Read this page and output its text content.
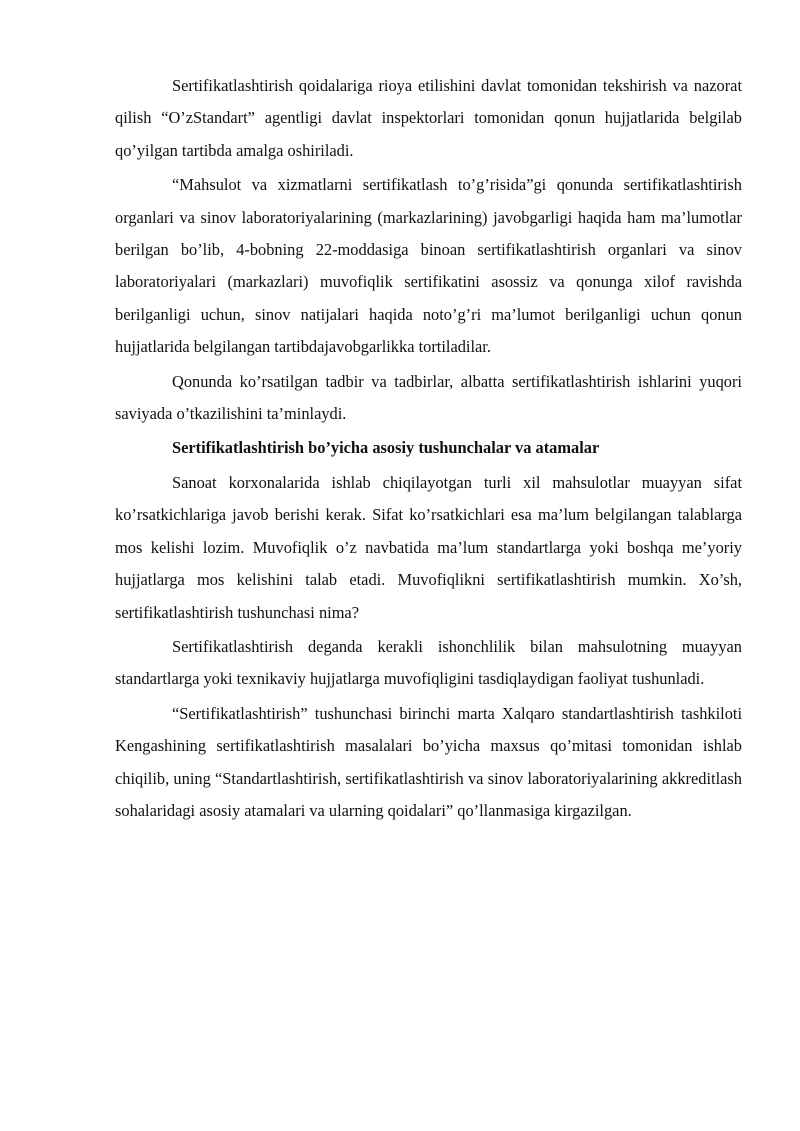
Sertifikatlashtirish qoidalariga rioya etilishini davlat tomonidan tekshirish va nazorat qilish “O’zStandart” agentligi davlat inspektorlari tomonidan qonun hujjatlarida belgilab qo’yilgan tartibda amalga oshiriladi.

“Mahsulot va xizmatlarni sertifikatlash to’g’risida”gi qonunda sertifikatlashtirish organlari va sinov laboratoriyalarining (markazlarining) javobgarligi haqida ham ma’lumotlar berilgan bo’lib, 4-bobning 22-moddasiga binoan sertifikatlashtirish organlari va sinov laboratoriyalari (markazlari) muvofiqlik sertifikatini asossiz va qonunga xilof ravishda berilganligi uchun, sinov natijalari haqida noto’g’ri ma’lumot berilganligi uchun qonun hujjatlarida belgilangan tartibdajavobgarlikka tortiladilar.

Qonunda ko’rsatilgan tadbir va tadbirlar, albatta sertifikatlashtirish ishlarini yuqori saviyada o’tkazilishini ta’minlaydi.

Sertifikatlashtirish bo’yicha asosiy tushunchalar va atamalar

Sanoat korxonalarida ishlab chiqilayotgan turli xil mahsulotlar muayyan sifat ko’rsatkichlariga javob berishi kerak. Sifat ko’rsatkichlari esa ma’lum belgilangan talablarga mos kelishi lozim. Muvofiqlik o’z navbatida ma’lum standartlarga yoki boshqa me’yoriy hujjatlarga mos kelishini talab etadi. Muvofiqlikni sertifikatlashtirish mumkin. Xo’sh, sertifikatlashtirish tushunchasi nima?

Sertifikatlashtirish deganda kerakli ishonchlilik bilan mahsulotning muayyan standartlarga yoki texnikaviy hujjatlarga muvofiqligini tasdiqlaydigan faoliyat tushunladi.

“Sertifikatlashtirish” tushunchasi birinchi marta Xalqaro standartlashtirish tashkiloti Kengashining sertifikatlashtirish masalalari bo’yicha maxsus qo’mitasi tomonidan ishlab chiqilib, uning “Standartlashtirish, sertifikatlashtirish va sinov laboratoriyalarining akkreditlash sohalaridagi asosiy atamalari va ularning qoidalari” qo’llanmasiga kirgazilgan.
